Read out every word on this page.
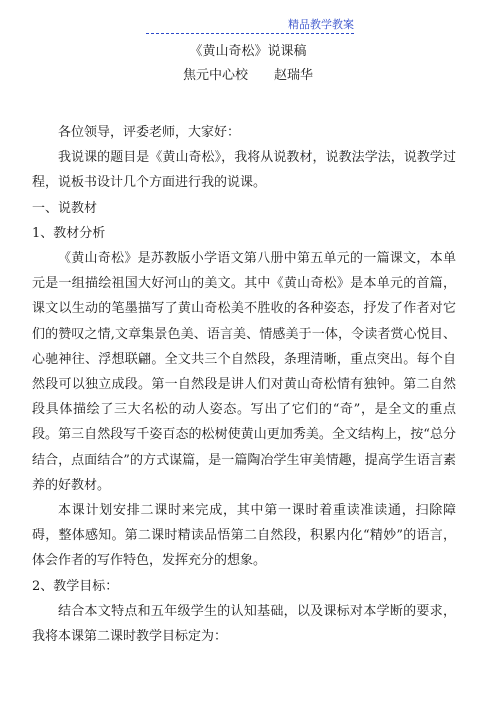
精品教学教案
《黄山奇松》说课稿
焦元中心校　　赵瑞华

各位领导，评委老师，大家好：

我说课的题目是《黄山奇松》，我将从说教材，说教法学法，说教学过程，说板书设计几个方面进行我的说课。

一、说教材

1、教材分析

《黄山奇松》是苏教版小学语文第八册中第五单元的一篇课文，本单元是一组描绘祖国大好河山的美文。其中《黄山奇松》是本单元的首篇，课文以生动的笔墨描写了黄山奇松美不胜收的各种姿态，抒发了作者对它们的赞叹之情,文章集景色美、语言美、情感美于一体，令读者赏心悦目、心驰神往、浮想联翩。全文共三个自然段，条理清晰，重点突出。每个自然段可以独立成段。第一自然段是讲人们对黄山奇松情有独钟。第二自然段具体描绘了三大名松的动人姿态。写出了它们的“奇”，是全文的重点段。第三自然段写千姿百态的松树使黄山更加秀美。全文结构上，按“总分结合，点面结合”的方式谋篇，是一篇陶冶学生审美情趣，提高学生语言素养的好教材。

本课计划安排二课时来完成，其中第一课时着重读准读通，扫除障碍，整体感知。第二课时精读品悟第二自然段，积累内化“精妙”的语言，体会作者的写作特色，发挥充分的想象。

2、教学目标：

结合本文特点和五年级学生的认知基础，以及课标对本学断的要求，我将本课第二课时教学目标定为：
